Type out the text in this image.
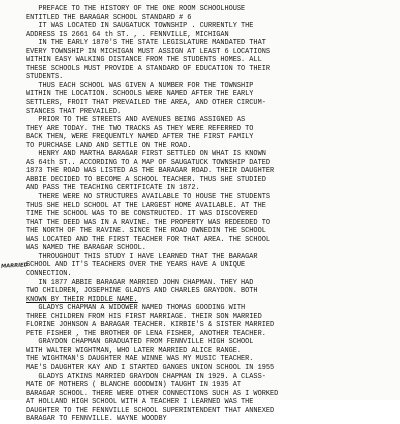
MARRIED
PREFACE TO THE HISTORY OF THE ONE ROOM SCHOOLHOUSE
ENTITLED THE BARAGAR SCHOOL STANDARD # 6
IT WAS LOCATED IN SAUGATUCK TOWNSHIP . CURRENTLY THE
ADDRESS IS 2661 64 th ST. , . FENNVILLE, MICHIGAN
IN THE EARLY 1870'S THE STATE LEGISLATURE MANDATED THAT
EVERY TOWNSHIP IN MICHIGAN MUST ASSIGN AT LEAST 6 LOCATIONS
WITHIN EASY WALKING DISTANCE FROM THE STUDENTS HOMES. ALL
THESE SCHOOLS MUST PROVIDE A STANDARD OF EDUCATION TO THEIR
STUDENTS.
THUS EACH SCHOOL WAS GIVEN A NUMBER FOR THE TOWNSHIP
WITHIN THE LOCATION. SCHOOLS WERE NAMED AFTER THE EARLY
SETTLERS, FROIT THAT PREVAILED THE AREA, AND OTHER CIRCUM-
STANCES THAT PREVAILED.
PRIOR TO THE STREETS AND AVENUES BEING ASSIGNED AS
THEY ARE TODAY. THE TWO TRACKS AS THEY WERE REFERRED TO
BACK THEN, WERE FREQUENTLY NAMED AFTER THE FIRST FAMILY
TO PURCHASE LAND AND SETTLE ON THE ROAD.
HENRY AND MARTHA BARAGAR FIRST SETTLED ON WHAT IS KNOWN
AS 64th ST.. ACCORDING TO A MAP OF SAUGATUCK TOWNSHIP DATED
1873 THE ROAD WAS LISTED AS THE BARAGAR ROAD. THEIR DAUGHTER
ABBIE DECIDED TO BECOME A SCHOOL TEACHER. THUS SHE STUDIED
AND PASS THE TEACHING CERTIFICATE IN 1872.
THERE WERE NO STRUCTURES AVAILABLE TO HOUSE THE STUDENTS
THUS SHE HELD SCHOOL AT THE LARGEST HOME AVAILABLE. AT THE
TIME THE SCHOOL WAS TO BE CONSTRUCTED. IT WAS DISCOVERED
THAT THE DEED WAS IN A RAVINE. THE PROPERTY WAS REDEEDED TO
THE NORTH OF THE RAVINE. SINCE THE ROAD OWNEDIN THE SCHOOL
WAS LOCATED AND THE FIRST TEACHER FOR THAT AREA. THE SCHOOL
WAS NAMED THE BARAGAR SCHOOL.
THROUGHOUT THIS STUDY I HAVE LEARNED THAT THE BARAGAR
SCHOOL AND IT'S TEACHERS OVER THE YEARS HAVE A UNIQUE
CONNECTION.
IN 1877 ABBIE BARAGAR MARRIED JOHN CHAPMAN. THEY HAD
TWO CHILDREN, JOSEPHINE GLADYS AND CHARLES GRAYDON. BOTH
KNOWN BY THEIR MIDDLE NAME.
GLADYS CHAPMAN A WIDOWER NAMED THOMAS GOODING WITH
THREE CHILDREN FROM HIS FIRST MARRIAGE. THEIR SON MARRIED
FLORINE JOHNSON A BARAGAR TEACHER. KIRBIE'S & SISTER MARRIED
PETE FISHER , THE BROTHER OF LENA FISHER, ANOTHER TEACHER.
GRAYDON CHAPMAN GRADUATED FROM FENNVILLE HIGH SCHOOL
WITH WALTER WIGHTMAN, WHO LATER MARRIED ALICE RANGE.
THE WIGHTMAN'S DAUGHTER MAE WINNE WAS MY MUSIC TEACHER.
MAE'S DAUGHTER KAY AND I STARTED GANGES UNION SCHOOL IN 1955
GLADYS ATKINS MARRIED GRAYDON CHAPMAN IN 1929. A CLASS-
MATE OF MOTHERS ( BLANCHE GOODWIN) TAUGHT IN 1935 AT
BARAGAR SCHOOL. THERE WERE OTHER CONNECTIONS SUCH AS I WORKED
AT HOLLAND HIGH SCHOOL WITH A TEACHER I LEARNED WAS THE
DAUGHTER TO THE FENNVILLE SCHOOL SUPERINTENDENT THAT ANNEXED
BARAGAR TO FENNVILLE. WAYNE WOODBY
